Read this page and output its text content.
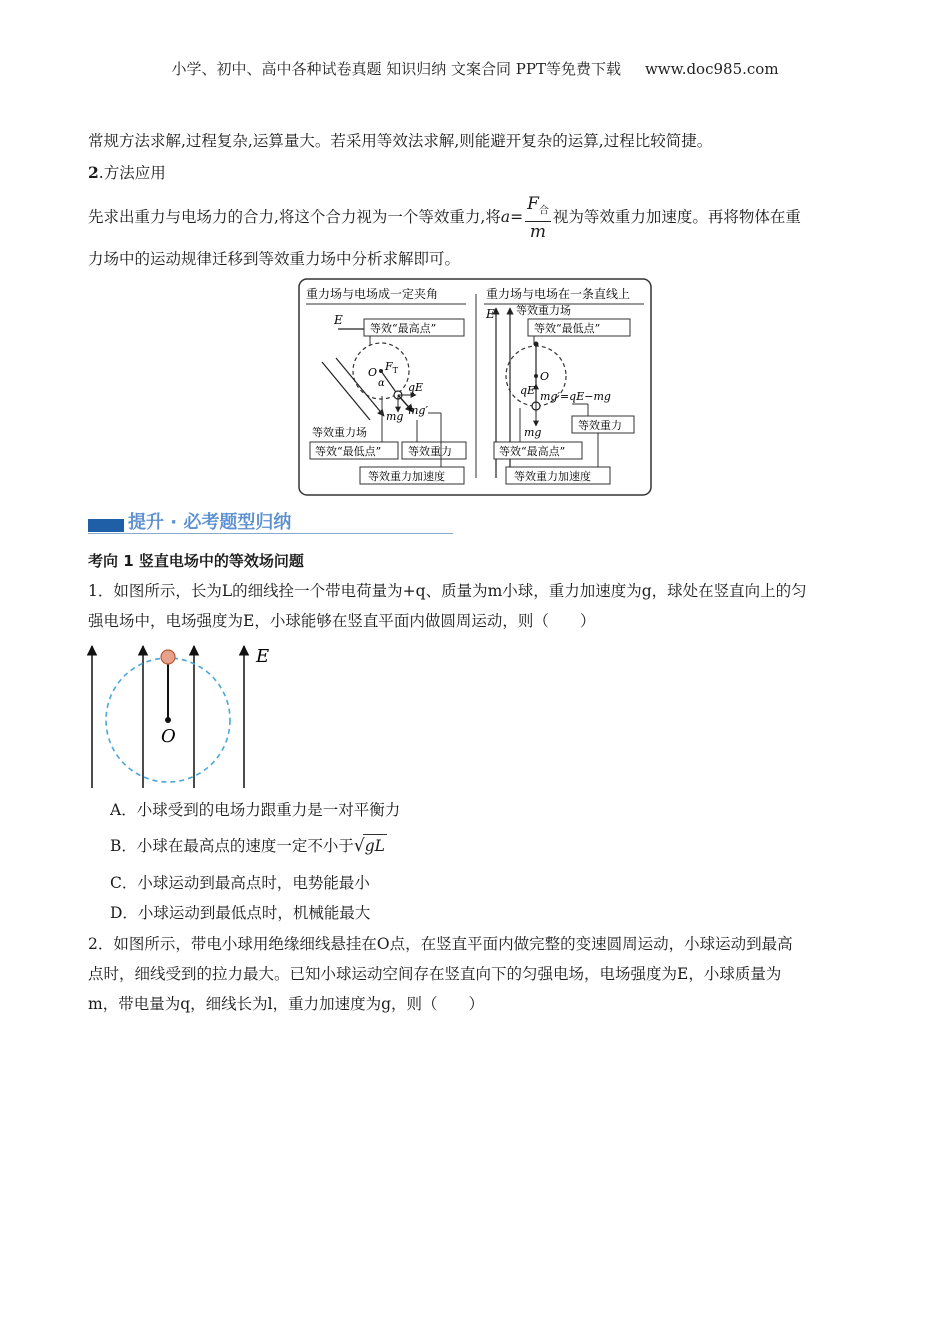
小学、初中、高中各种试卷真题 知识归纳 文案合同 PPT等免费下载 www.doc985.com
常规方法求解,过程复杂,运算量大。若采用等效法求解,则能避开复杂的运算,过程比较简捷。
2.方法应用
先求出重力与电场力的合力,将这个合力视为一个等效重力,将$a= \frac{F_合}{m}$ 视为等效重力加速度。再将物体在重
力场中的运动规律迁移到等效重力场中分析求解即可。
重力场与电场成一定夹角	重力场与电场在一条直线上
E
O $F_T$
α qE
mg mg′
等效“最高点”
等效重力场
等效“最低点” 等效重力
等效重力加速度
E 等效重力场
等效“最低点”
O
qE
mg
mg′=qE−mg
等效重力
等效“最高点”
等效重力加速度
提升 · 必考题型归纳
考向 1 竖直电场中的等效场问题
1．如图所示，长为L的细线拴一个带电荷量为+q、质量为m小球，重力加速度为g，球处在竖直向上的匀
强电场中，电场强度为E，小球能够在竖直平面内做圆周运动，则（　　）
E
O
A．小球受到的电场力跟重力是一对平衡力
B．小球在最高点的速度一定不小于√gL
C．小球运动到最高点时，电势能最小
D．小球运动到最低点时，机械能最大
2．如图所示，带电小球用绝缘细线悬挂在O点，在竖直平面内做完整的变速圆周运动，小球运动到最高
点时，细线受到的拉力最大。已知小球运动空间存在竖直向下的匀强电场，电场强度为E，小球质量为
m，带电量为q，细线长为l，重力加速度为g，则（　　）
